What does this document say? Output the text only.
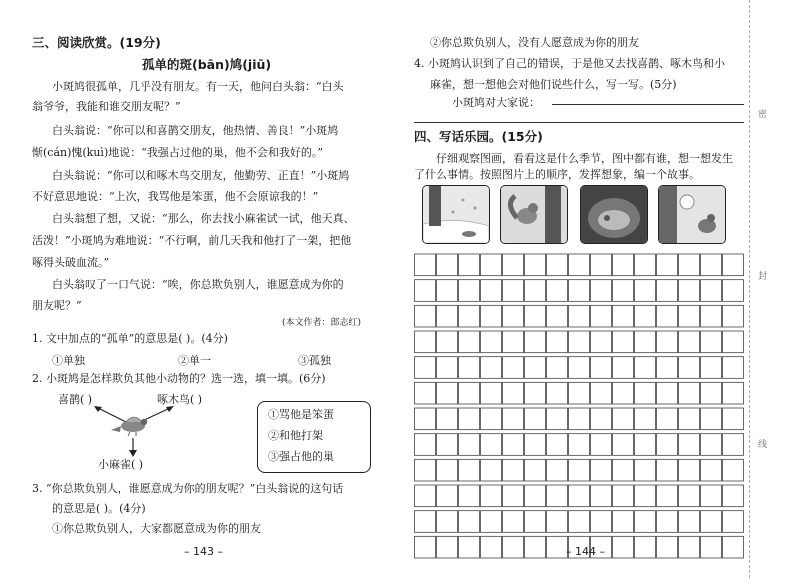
三、阅读欣赏。(19分)
孤单的斑(bān)鸠(jiū)
小斑鸠很孤单，几乎没有朋友。有一天，他问白头翁：“白头
翁爷爷，我能和谁交朋友呢？”
白头翁说：“你可以和喜鹊交朋友，他热情、善良！”小斑鸠
惭(cán)愧(kuì)地说：“我强占过他的巢，他不会和我好的。”
白头翁说：“你可以和啄木鸟交朋友，他勤劳、正直！”小斑鸠
不好意思地说：“上次，我骂他是笨蛋，他不会原谅我的！”
白头翁想了想，又说：“那么，你去找小麻雀试一试，他天真、
活泼！”小斑鸠为难地说：“不行啊，前几天我和他打了一架，把他
啄得头破血流。”
白头翁叹了一口气说：“唉，你总欺负别人，谁愿意成为你的
朋友呢？”
(本文作者：郎志红)
1. 文中加点的“孤单”的意思是( )。(4分)
①单独	②单一	③孤独
2. 小斑鸠是怎样欺负其他小动物的？选一选，填一填。(6分)
喜鹊( )	啄木鸟( )
小麻雀( )
①骂他是笨蛋
②和他打架
③强占他的巢
3. “你总欺负别人，谁愿意成为你的朋友呢？”白头翁说的这句话
的意思是( )。(4分)
①你总欺负别人，大家都愿意成为你的朋友
– 143 –
②你总欺负别人，没有人愿意成为你的朋友
4. 小斑鸠认识到了自己的错误，于是他又去找喜鹊、啄木鸟和小
麻雀，想一想他会对他们说些什么，写一写。(5分)
小斑鸠对大家说：
四、写话乐园。(15分)
仔细观察图画，看看这是什么季节，图中都有谁，想一想发生
了什么事情。按照图片上的顺序，发挥想象，编一个故事。
– 144 –
密
封
线
